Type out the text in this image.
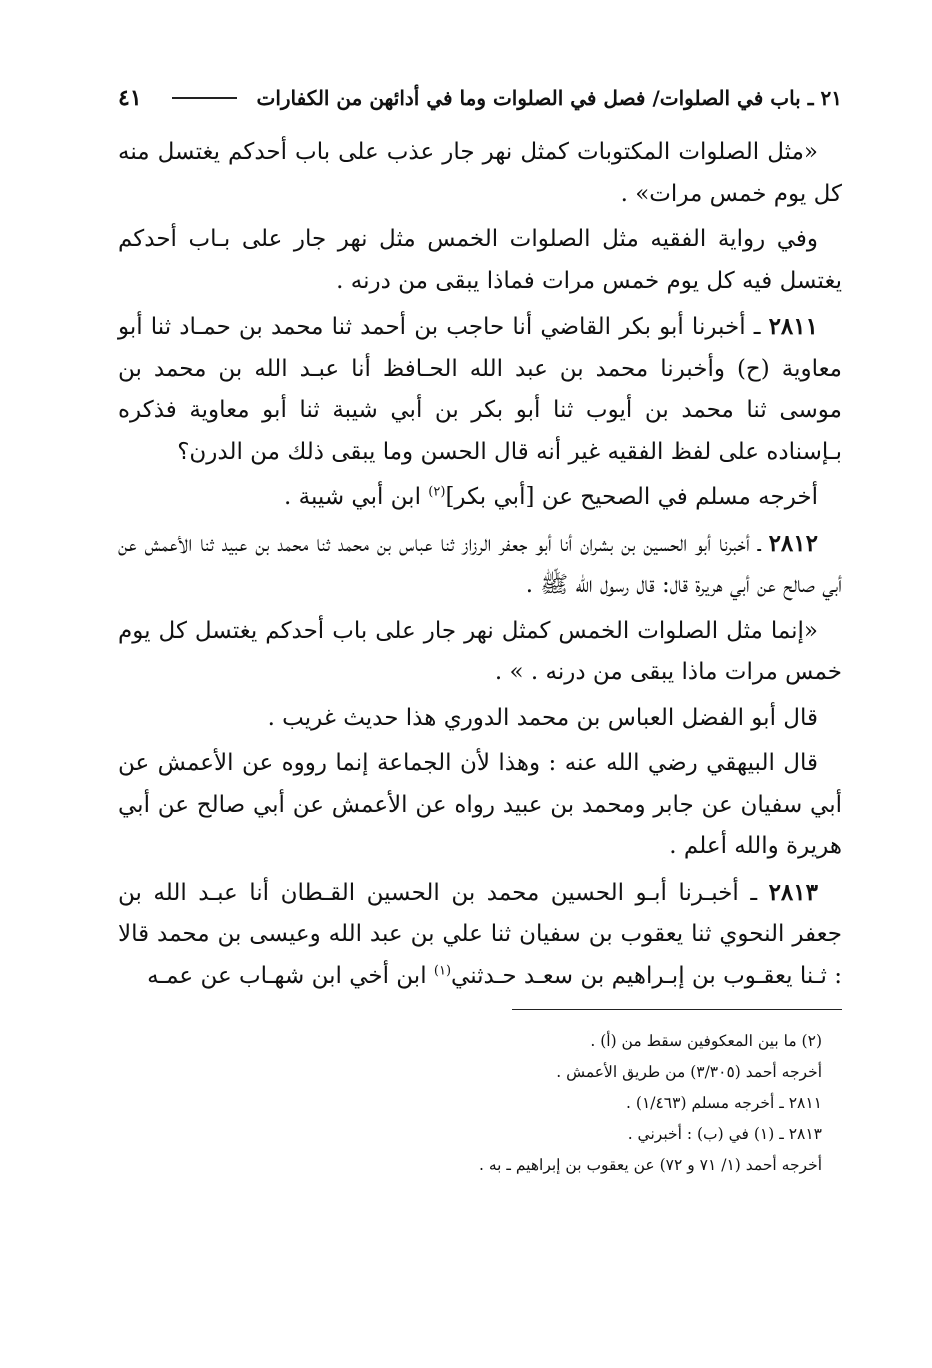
٢١ ـ باب في الصلوات/ فصل في الصلوات وما في أدائهن من الكفارات
٤١

«مثل الصلوات المكتوبات كمثل نهر جار عذب على باب أحدكم يغتسل منه كل يوم خمس مرات» .

وفي رواية الفقيه مثل الصلوات الخمس مثل نهر جار على بـاب أحدكم يغتسل فيه كل يوم خمس مرات فماذا يبقى من درنه .

٢٨١١ ـ أخبرنا أبو بكر القاضي أنا حاجب بن أحمد ثنا محمد بن حمـاد ثنا أبو معاوية (ح) وأخبرنا محمد بن عبد الله الحـافظ أنا عبـد الله بن محمد بن موسى ثنا محمد بن أيوب ثنا أبو بكر بن أبي شيبة ثنا أبو معاوية فذكره بـإسناده على لفظ الفقيه غير أنه قال الحسن وما يبقى ذلك من الدرن؟

أخرجه مسلم في الصحيح عن [أبي بكر]$^{(٢)}$ ابن أبي شيبة .

٢٨١٢ ـ أخبرنا أبو الحسين بن بشران أنا أبو جعفر الرزاز ثنا عباس بن محمد ثنا محمد بن عبيد ثنا الأعمش عن أبي صالح عن أبي هريرة قال: قال رسول الله ﷺ .

«إنما مثل الصلوات الخمس كمثل نهر جار على باب أحدكم يغتسل كل يوم خمس مرات ماذا يبقى من درنه . » .

قال أبو الفضل العباس بن محمد الدوري هذا حديث غريب .

قال البيهقي رضي الله عنه : وهذا لأن الجماعة إنما رووه عن الأعمش عن أبي سفيان عن جابر ومحمد بن عبيد رواه عن الأعمش عن أبي صالح عن أبي هريرة والله أعلم .

٢٨١٣ ـ أخبـرنا أبـو الحسين محمد بن الحسين القـطان أنا عبـد الله بن جعفر النحوي ثنا يعقوب بن سفيان ثنا علي بن عبد الله وعيسى بن محمد قالا : ثـنا يعقـوب بن إبـراهيم بن سعـد حـدثني$^{(١)}$ ابن أخي ابن شهـاب عن عمـه

(٢) ما بين المعكوفين سقط من (أ) .

أخرجه أحمد (٣/٣٠٥) من طريق الأعمش .

٢٨١١ ـ أخرجه مسلم (١/٤٦٣) .

٢٨١٣ ـ (١) في (ب) : أخبرني .

أخرجه أحمد (١/ ٧١ و ٧٢) عن يعقوب بن إبراهيم ـ به .
